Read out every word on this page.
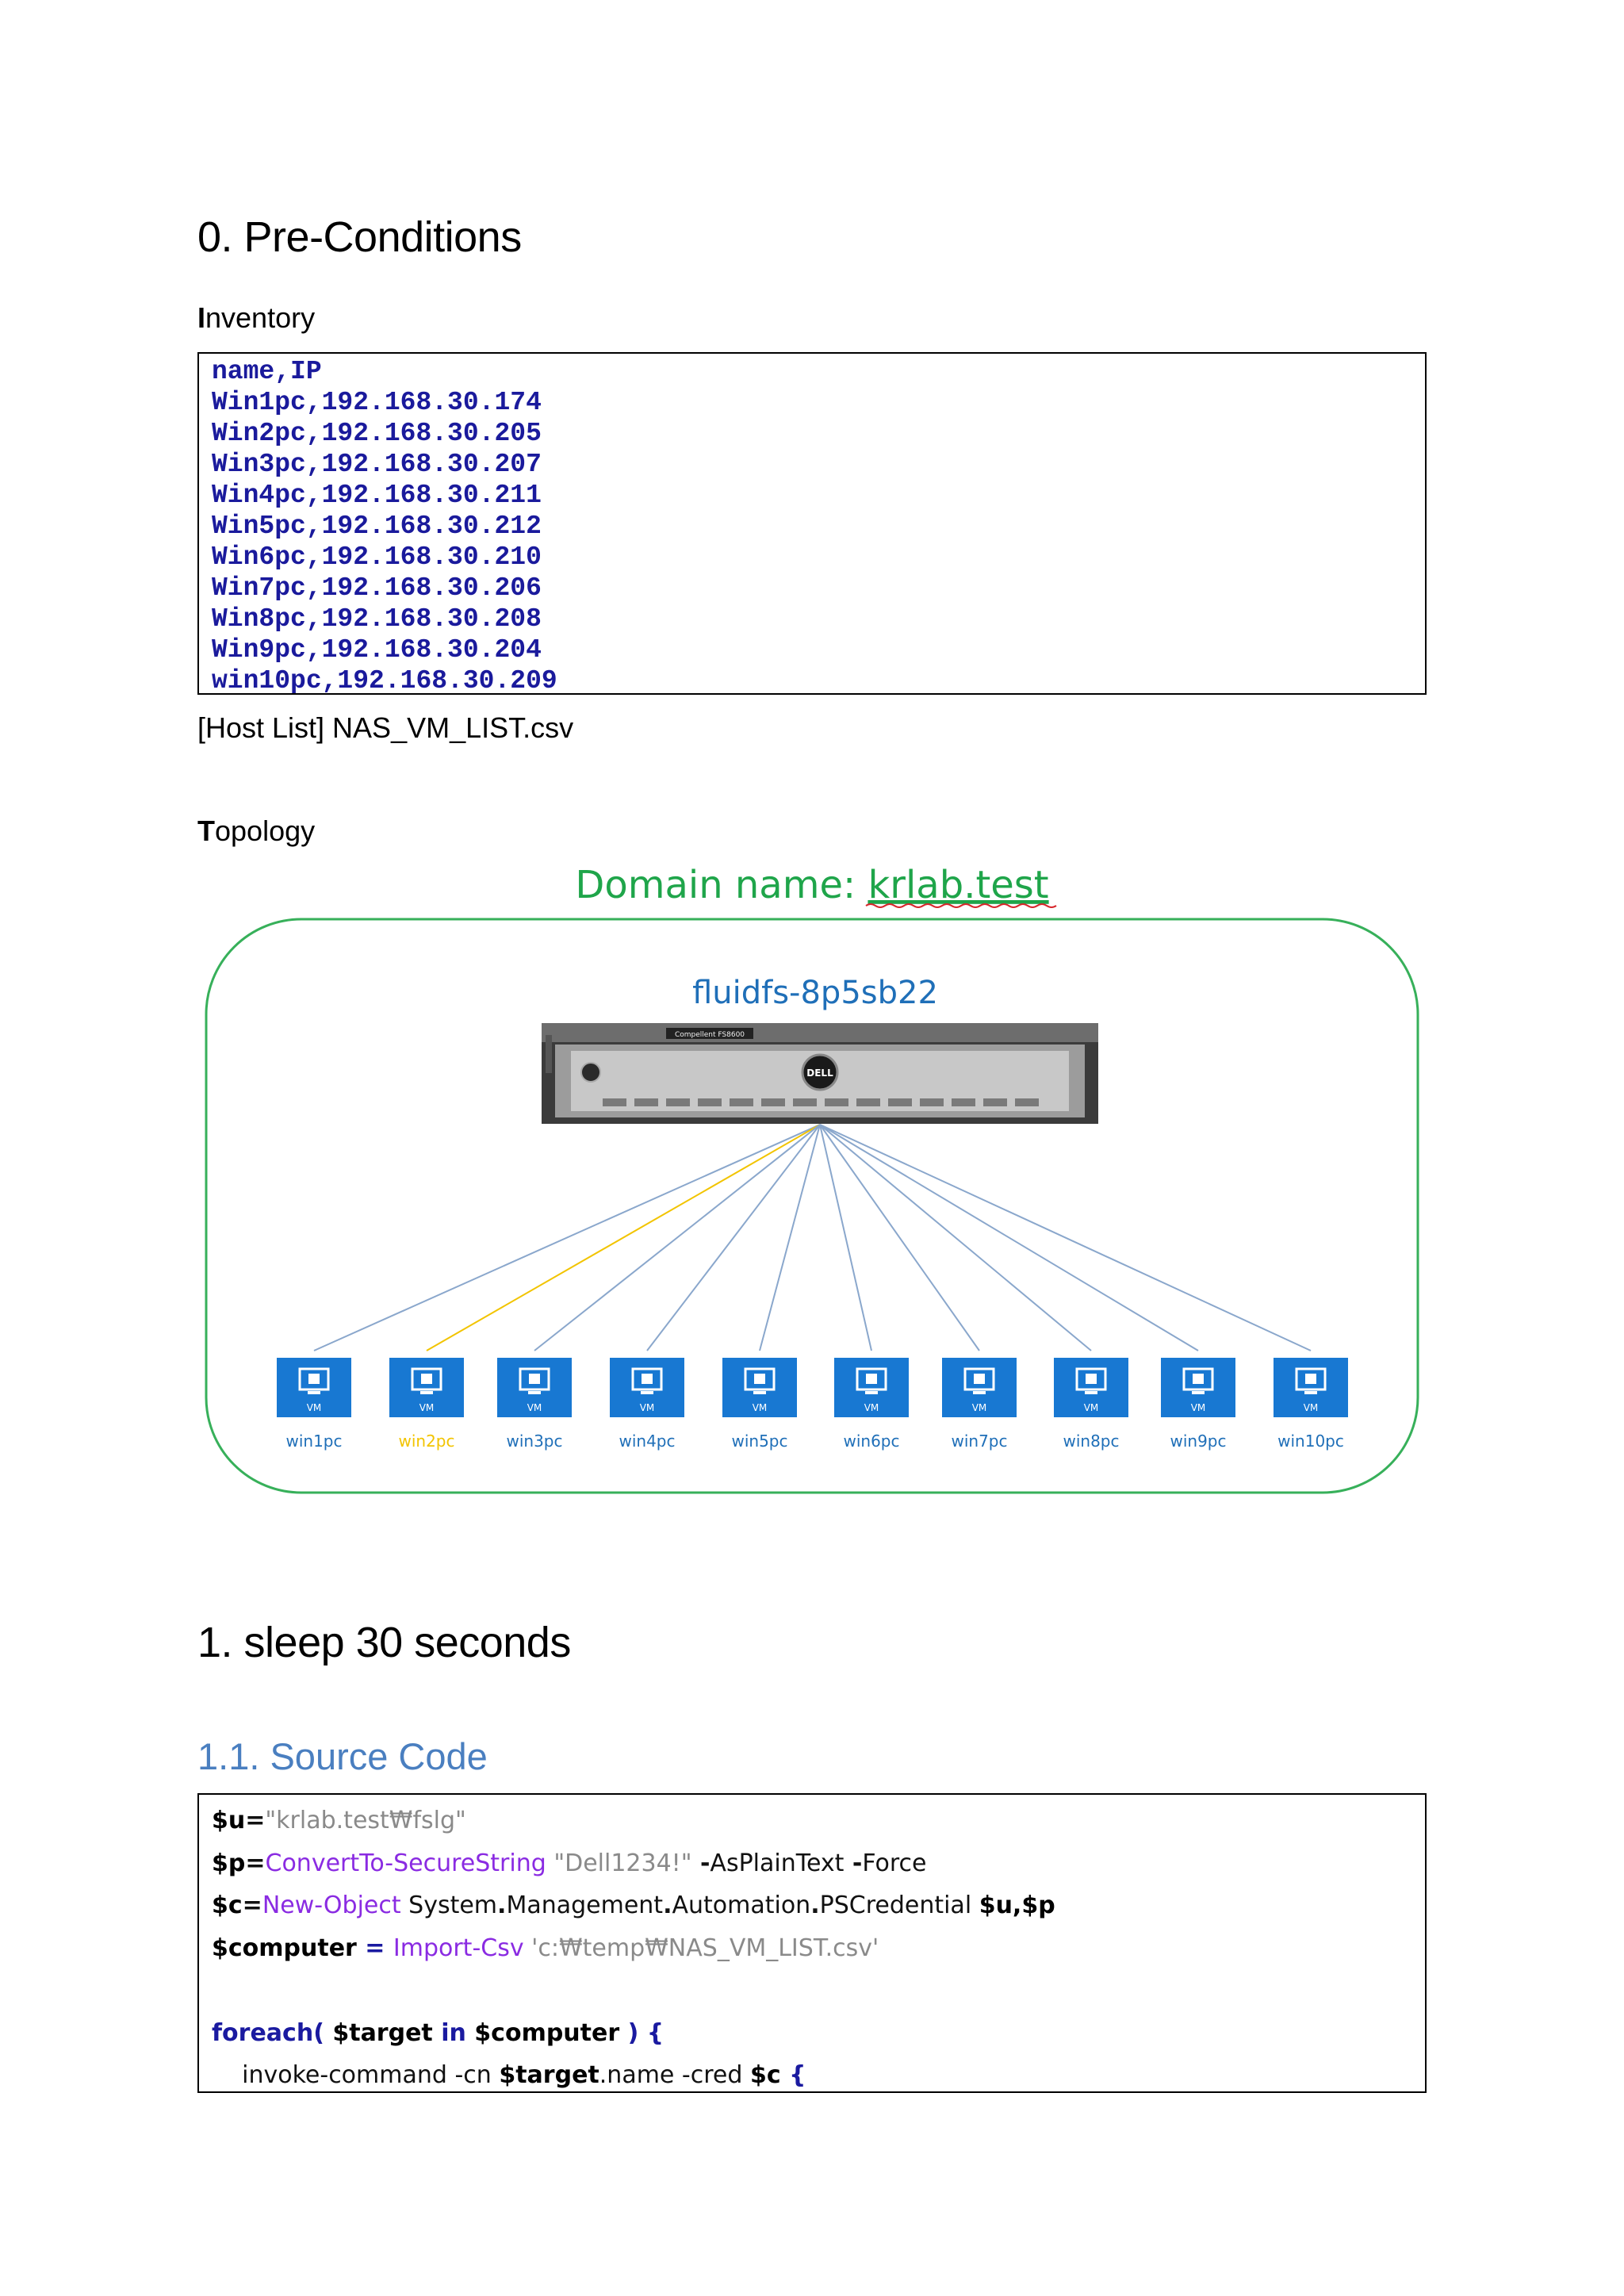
0. Pre-Conditions
Inventory
name,IP
Win1pc,192.168.30.174
Win2pc,192.168.30.205
Win3pc,192.168.30.207
Win4pc,192.168.30.211
Win5pc,192.168.30.212
Win6pc,192.168.30.210
Win7pc,192.168.30.206
Win8pc,192.168.30.208
Win9pc,192.168.30.204
win10pc,192.168.30.209
[Host List] NAS_VM_LIST.csv
Topology
Domain name: krlab.test
fluidfs-8p5sb22
Compellent FS8600
DELL
VM
win1pc
VM
win2pc
VM
win3pc
VM
win4pc
VM
win5pc
VM
win6pc
VM
win7pc
VM
win8pc
VM
win9pc
VM
win10pc
1. sleep 30 seconds
1.1. Source Code
$u="krlab.test₩fslg"
$p=ConvertTo-SecureString "Dell1234!" -AsPlainText -Force
$c=New-Object System.Management.Automation.PSCredential $u,$p
$computer = Import-Csv 'c:₩temp₩NAS_VM_LIST.csv'
foreach( $target in $computer ) {
invoke-command -cn $target.name -cred $c {
